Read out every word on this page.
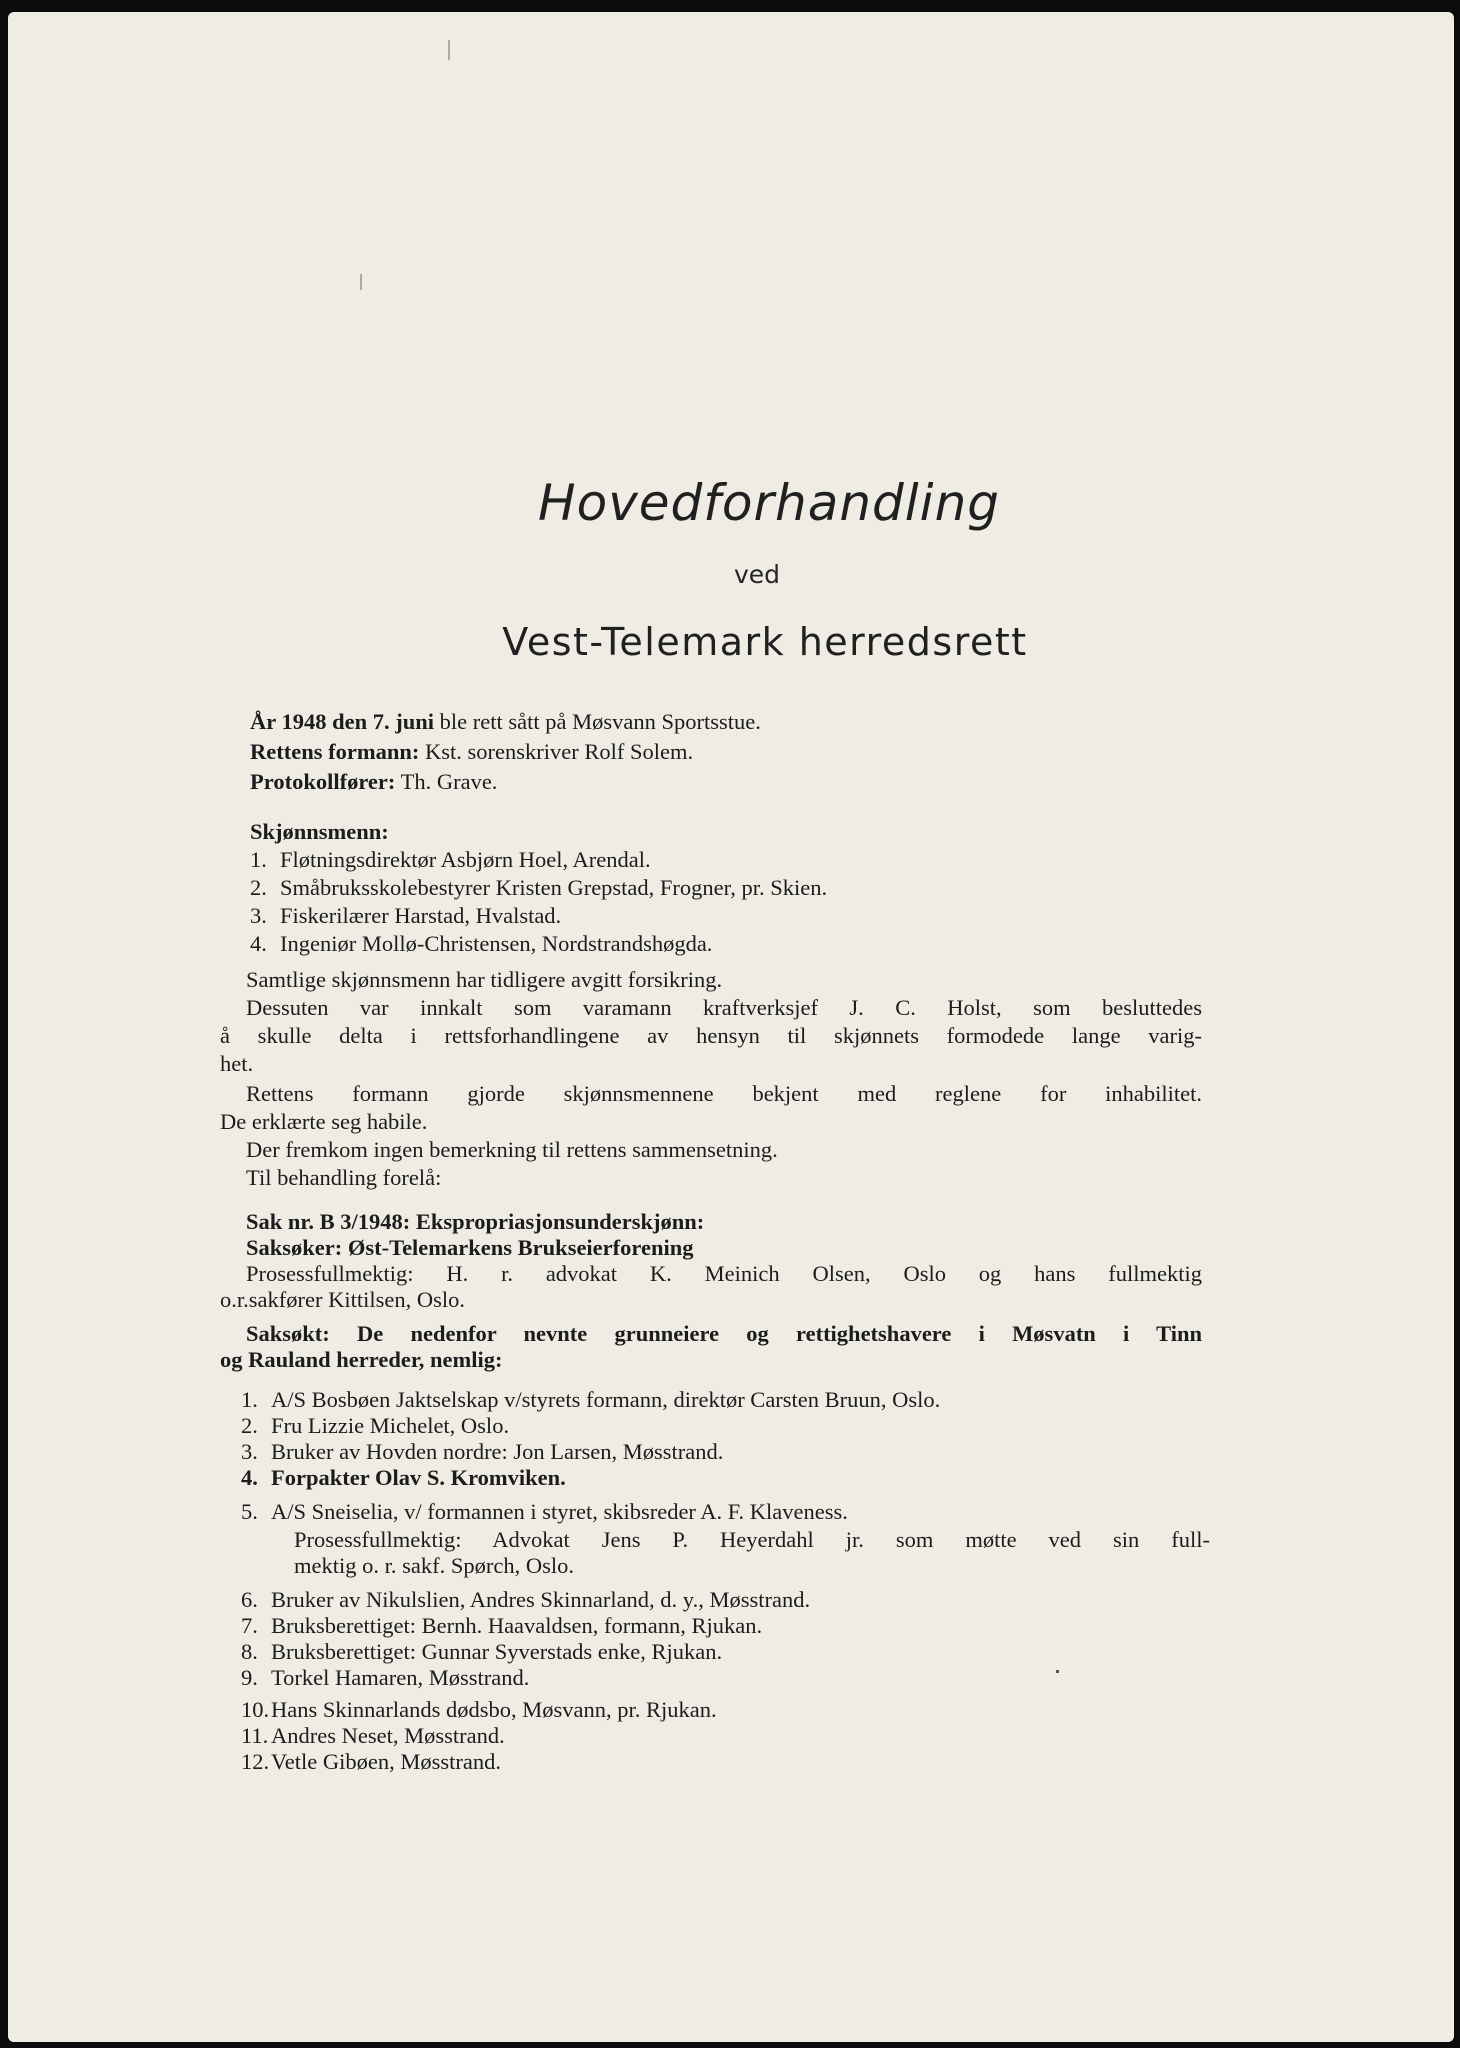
Hovedforhandling
ved
Vest-Telemark herredsrett
År 1948 den 7. juni ble rett sått på Møsvann Sportsstue.
Rettens formann: Kst. sorenskriver Rolf Solem.
Protokollfører: Th. Grave.
Skjønnsmenn:
1. Fløtningsdirektør Asbjørn Hoel, Arendal.
2. Småbruksskolebestyrer Kristen Grepstad, Frogner, pr. Skien.
3. Fiskerilærer Harstad, Hvalstad.
4. Ingeniør Mollø-Christensen, Nordstrandshøgda.
Samtlige skjønnsmenn har tidligere avgitt forsikring.
Dessuten var innkalt som varamann kraftverksjef J. C. Holst, som besluttedes
å skulle delta i rettsforhandlingene av hensyn til skjønnets formodede lange varig-
het.
Rettens formann gjorde skjønnsmennene bekjent med reglene for inhabilitet.
De erklærte seg habile.
Der fremkom ingen bemerkning til rettens sammensetning.
Til behandling forelå:
Sak nr. B 3/1948: Ekspropriasjonsunderskjønn:
Saksøker: Øst-Telemarkens Brukseierforening
Prosessfullmektig: H. r. advokat K. Meinich Olsen, Oslo og hans fullmektig
o.r.sakfører Kittilsen, Oslo.
Saksøkt: De nedenfor nevnte grunneiere og rettighetshavere i Møsvatn i Tinn
og Rauland herreder, nemlig:
1. A/S Bosbøen Jaktselskap v/styrets formann, direktør Carsten Bruun, Oslo.
2. Fru Lizzie Michelet, Oslo.
3. Bruker av Hovden nordre: Jon Larsen, Møsstrand.
4. Forpakter Olav S. Kromviken.
5. A/S Sneiselia, v/ formannen i styret, skibsreder A. F. Klaveness.
Prosessfullmektig: Advokat Jens P. Heyerdahl jr. som møtte ved sin full-
mektig o. r. sakf. Spørch, Oslo.
6. Bruker av Nikulslien, Andres Skinnarland, d. y., Møsstrand.
7. Bruksberettiget: Bernh. Haavaldsen, formann, Rjukan.
8. Bruksberettiget: Gunnar Syverstads enke, Rjukan.
9. Torkel Hamaren, Møsstrand.
10.Hans Skinnarlands dødsbo, Møsvann, pr. Rjukan.
11. Andres Neset, Møsstrand.
12.Vetle Gibøen, Møsstrand.
